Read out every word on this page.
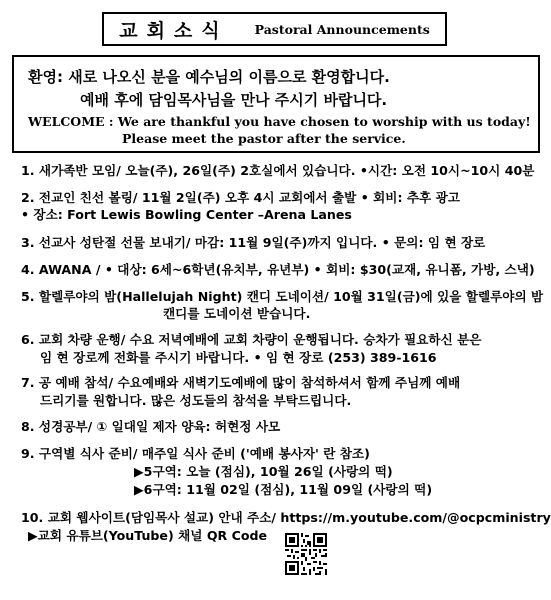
교회소식 Pastoral Announcements
환영: 새로 나오신 분을 예수님의 이름으로 환영합니다.
예배 후에 담임목사님을 만나 주시기 바랍니다.
WELCOME : We are thankful you have chosen to worship with us today!
Please meet the pastor after the service.
1. 새가족반 모임/ 오늘(주), 26일(주) 2호실에서 있습니다. •시간: 오전 10시~10시 40분
2. 전교인 친선 볼링/ 11월 2일(주) 오후 4시 교회에서 출발 • 회비: 추후 광고
• 장소: Fort Lewis Bowling Center –Arena Lanes
3. 선교사 성탄절 선물 보내기/ 마감: 11월 9일(주)까지 입니다. • 문의: 임 현 장로
4. AWANA / • 대상: 6세~6학년(유치부, 유년부) • 회비: $30(교재, 유니폼, 가방, 스낵)
5. 할렐루야의 밤(Hallelujah Night) 캔디 도네이션/ 10월 31일(금)에 있을 할렐루야의 밤
캔디를 도네이션 받습니다.
6. 교회 차량 운행/ 수요 저녁예배에 교회 차량이 운행됩니다. 승차가 필요하신 분은
임 현 장로께 전화를 주시기 바랍니다. • 임 현 장로 (253) 389-1616
7. 공 예배 참석/ 수요예배와 새벽기도예배에 많이 참석하셔서 함께 주님께 예배
드리기를 원합니다. 많은 성도들의 참석을 부탁드립니다.
8. 성경공부/ ① 일대일 제자 양육: 허현정 사모
9. 구역별 식사 준비/ 매주일 식사 준비 ('예배 봉사자' 란 참조)
▶5구역: 오늘 (점심), 10월 26일 (사랑의 떡)
▶6구역: 11월 02일 (점심), 11월 09일 (사랑의 떡)
10. 교회 웹사이트(담임목사 설교) 안내 주소/ https://m.youtube.com/@ocpcministry
▶교회 유튜브(YouTube) 채널 QR Code
